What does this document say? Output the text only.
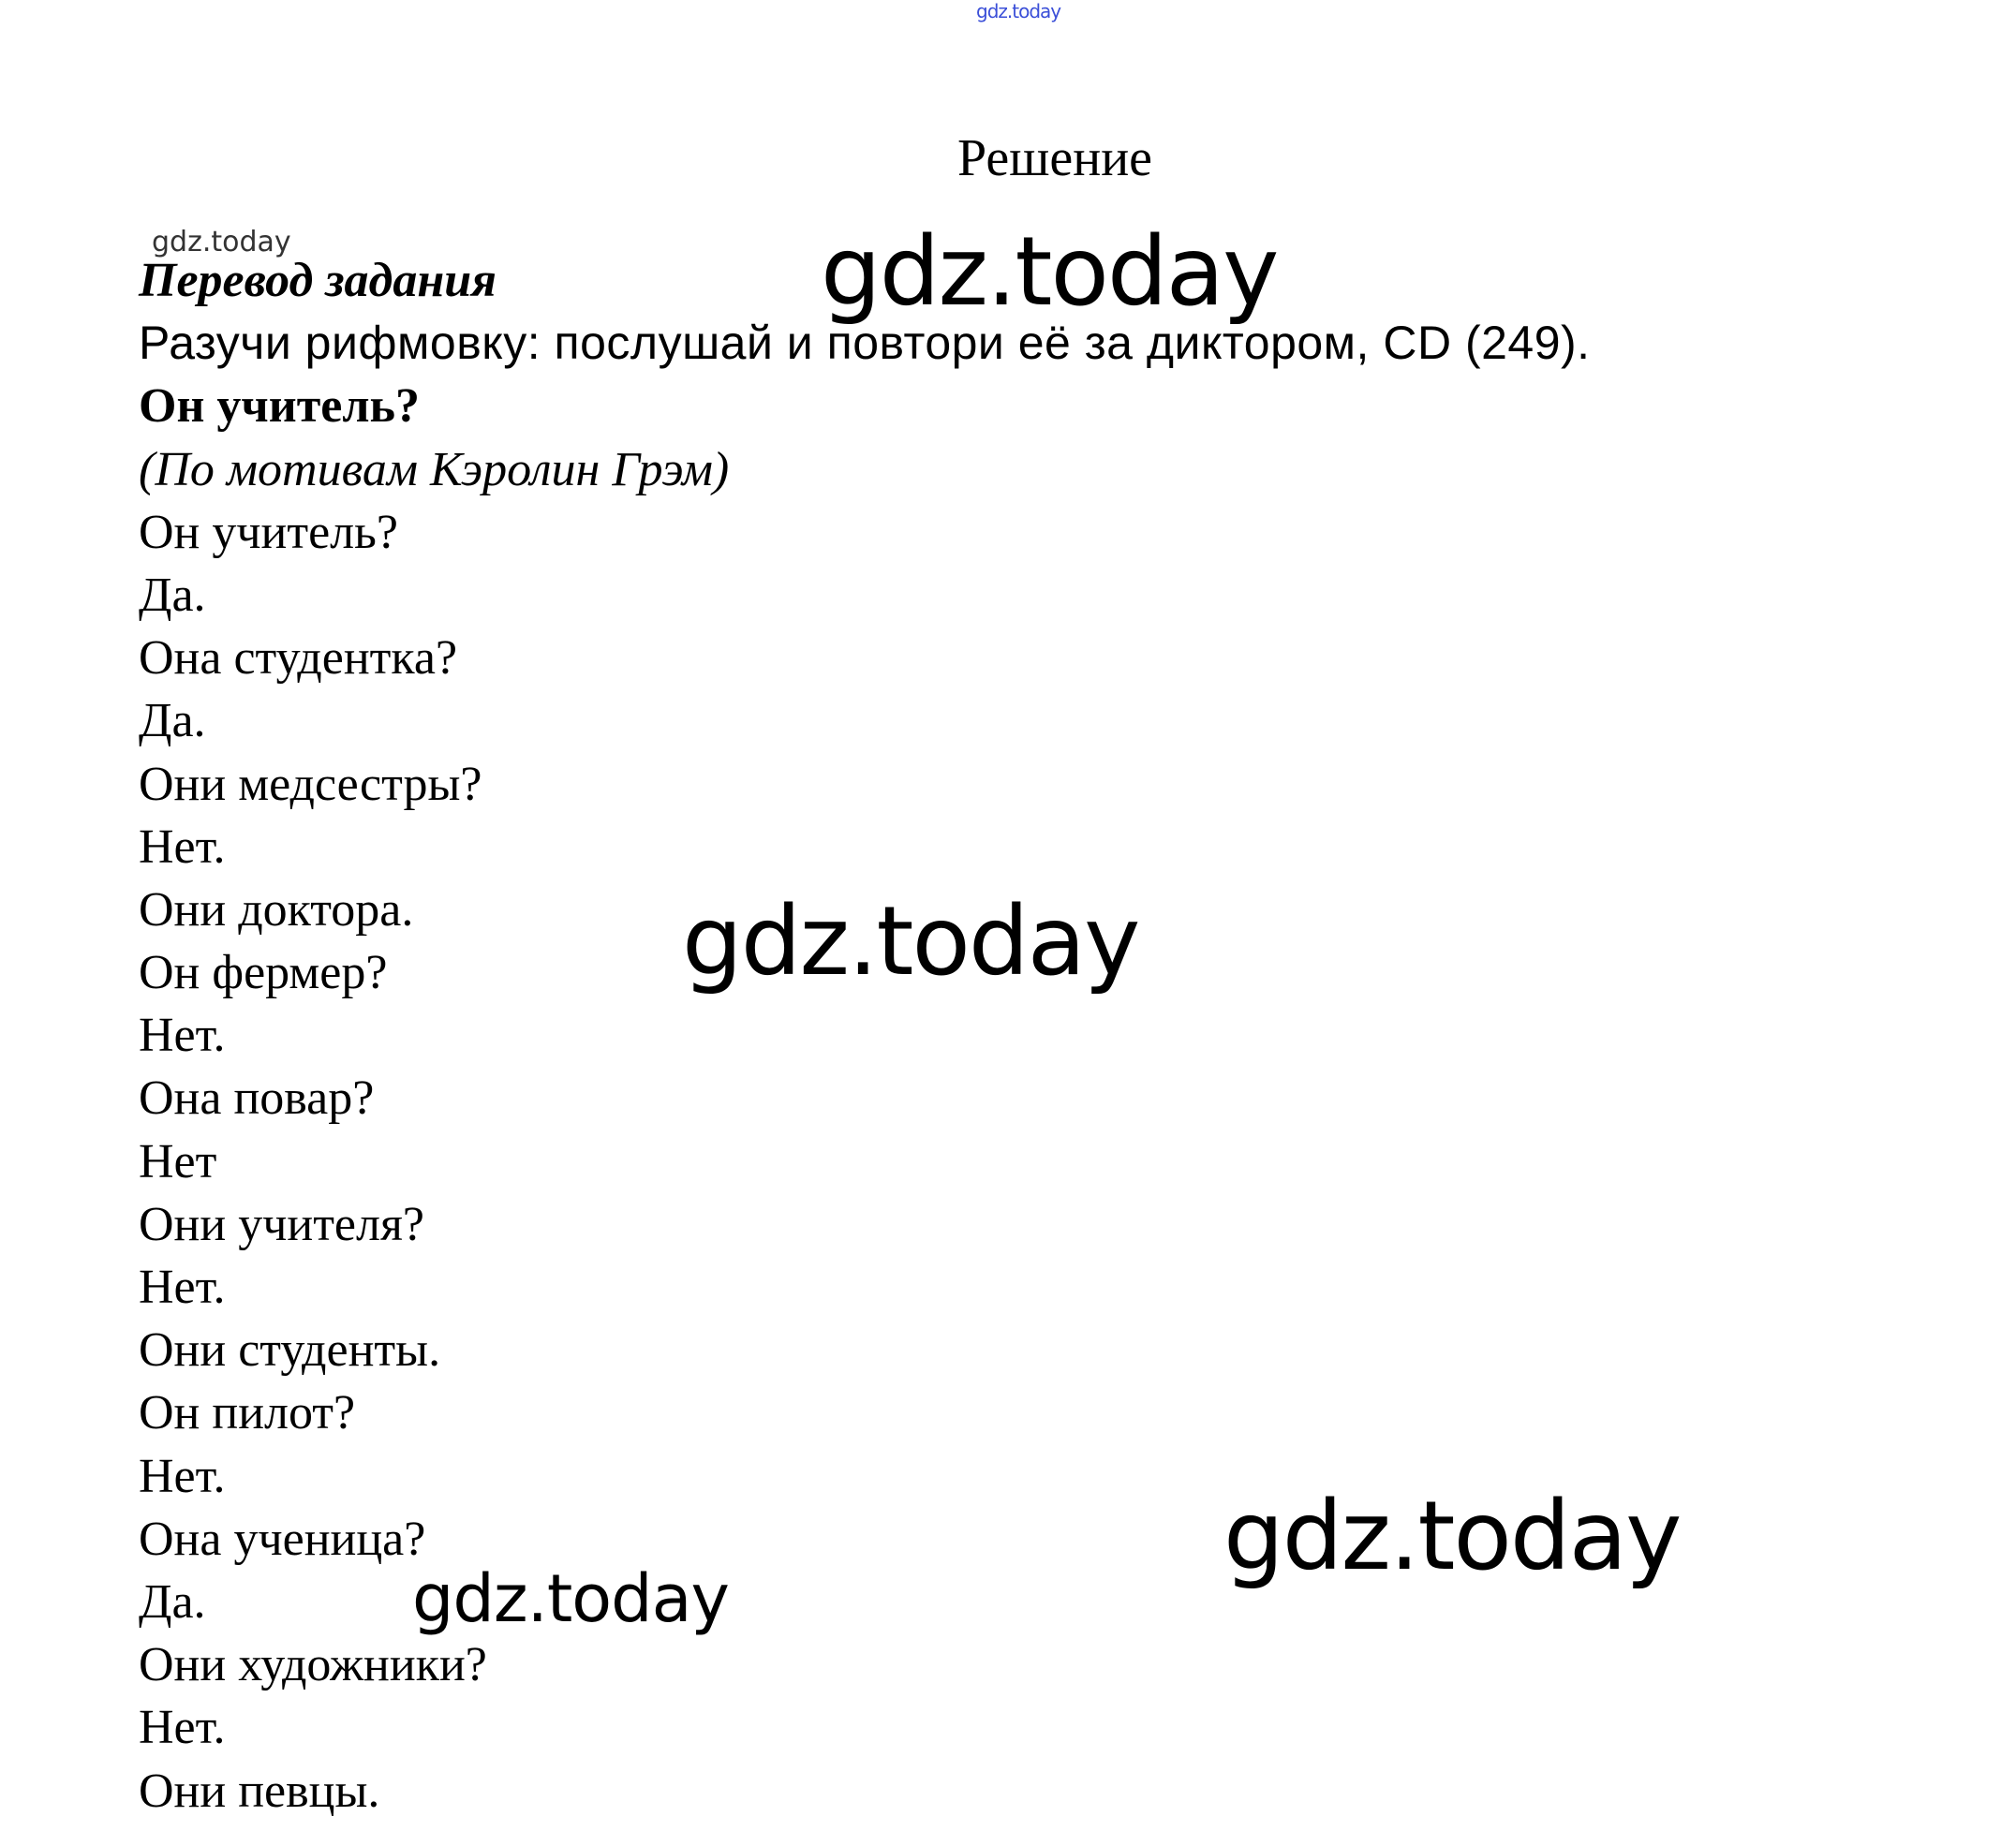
gdz.today
Решение
gdz.today	gdz.today
gdz.today
gdz.today
gdz.today
Перевод задания
Разучи рифмовку: послушай и повтори её за диктором, CD (249).
Он учитель?
(По мотивам Кэролин Грэм)
Он учитель?
Да.
Она студентка?
Да.
Они медсестры?
Нет.
Они доктора.
Он фермер?
Нет.
Она повар?
Нет
Они учителя?
Нет.
Они студенты.
Он пилот?
Нет.
Она ученица?
Да.
Они художники?
Нет.
Они певцы.
